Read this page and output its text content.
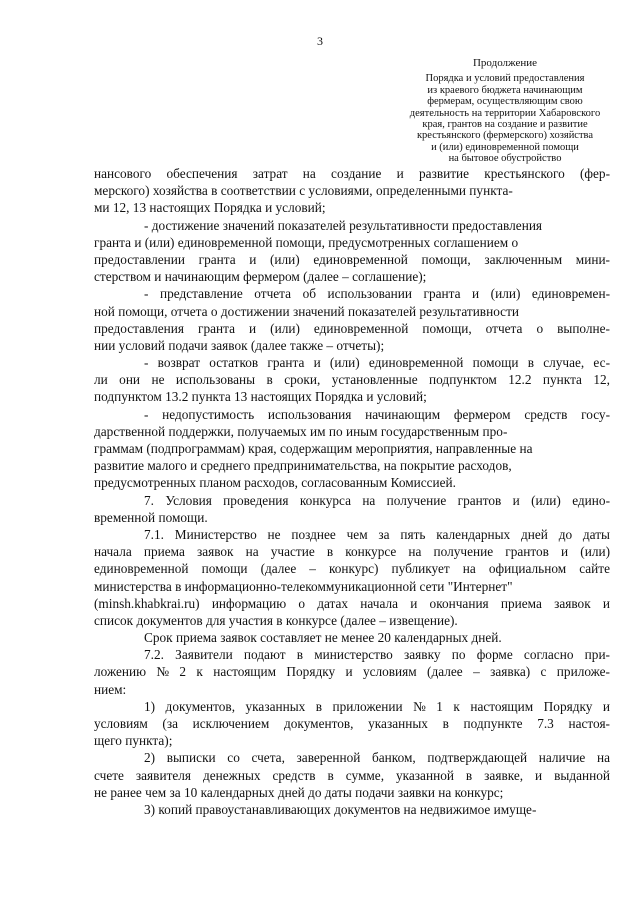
3
Продолжение
Порядка и условий предоставления
из краевого бюджета начинающим
фермерам, осуществляющим свою
деятельность на территории Хабаровского
края, грантов на создание и развитие
крестьянского (фермерского) хозяйства
и (или) единовременной помощи
на бытовое обустройство
нансового обеспечения затрат на создание и развитие крестьянского (фер-
мерского) хозяйства в соответствии с условиями, определенными пункта-
ми 12, 13 настоящих Порядка и условий;
- достижение значений показателей результативности предоставления
гранта и (или) единовременной помощи, предусмотренных соглашением о
предоставлении гранта и (или) единовременной помощи, заключенным мини-
стерством и начинающим фермером (далее – соглашение);
- представление отчета об использовании гранта и (или) единовремен-
ной помощи, отчета о достижении значений показателей результативности
предоставления гранта и (или) единовременной помощи, отчета о выполне-
нии условий подачи заявок (далее также – отчеты);
- возврат остатков гранта и (или) единовременной помощи в случае, ес-
ли они не использованы в сроки, установленные подпунктом 12.2 пункта 12,
подпунктом 13.2 пункта 13 настоящих Порядка и условий;
- недопустимость использования начинающим фермером средств госу-
дарственной поддержки, получаемых им по иным государственным про-
граммам (подпрограммам) края, содержащим мероприятия, направленные на
развитие малого и среднего предпринимательства, на покрытие расходов,
предусмотренных планом расходов, согласованным Комиссией.
7. Условия проведения конкурса на получение грантов и (или) едино-
временной помощи.
7.1. Министерство не позднее чем за пять календарных дней до даты
начала приема заявок на участие в конкурсе на получение грантов и (или)
единовременной помощи (далее – конкурс) публикует на официальном сайте
министерства в информационно-телекоммуникационной сети "Интернет"
(minsh.khabkrai.ru) информацию о датах начала и окончания приема заявок и
список документов для участия в конкурсе (далее – извещение).
Срок приема заявок составляет не менее 20 календарных дней.
7.2. Заявители подают в министерство заявку по форме согласно при-
ложению № 2 к настоящим Порядку и условиям (далее – заявка) с приложе-
нием:
1) документов, указанных в приложении № 1 к настоящим Порядку и
условиям (за исключением документов, указанных в подпункте 7.3 настоя-
щего пункта);
2) выписки со счета, заверенной банком, подтверждающей наличие на
счете заявителя денежных средств в сумме, указанной в заявке, и выданной
не ранее чем за 10 календарных дней до даты подачи заявки на конкурс;
3) копий правоустанавливающих документов на недвижимое имуще-
